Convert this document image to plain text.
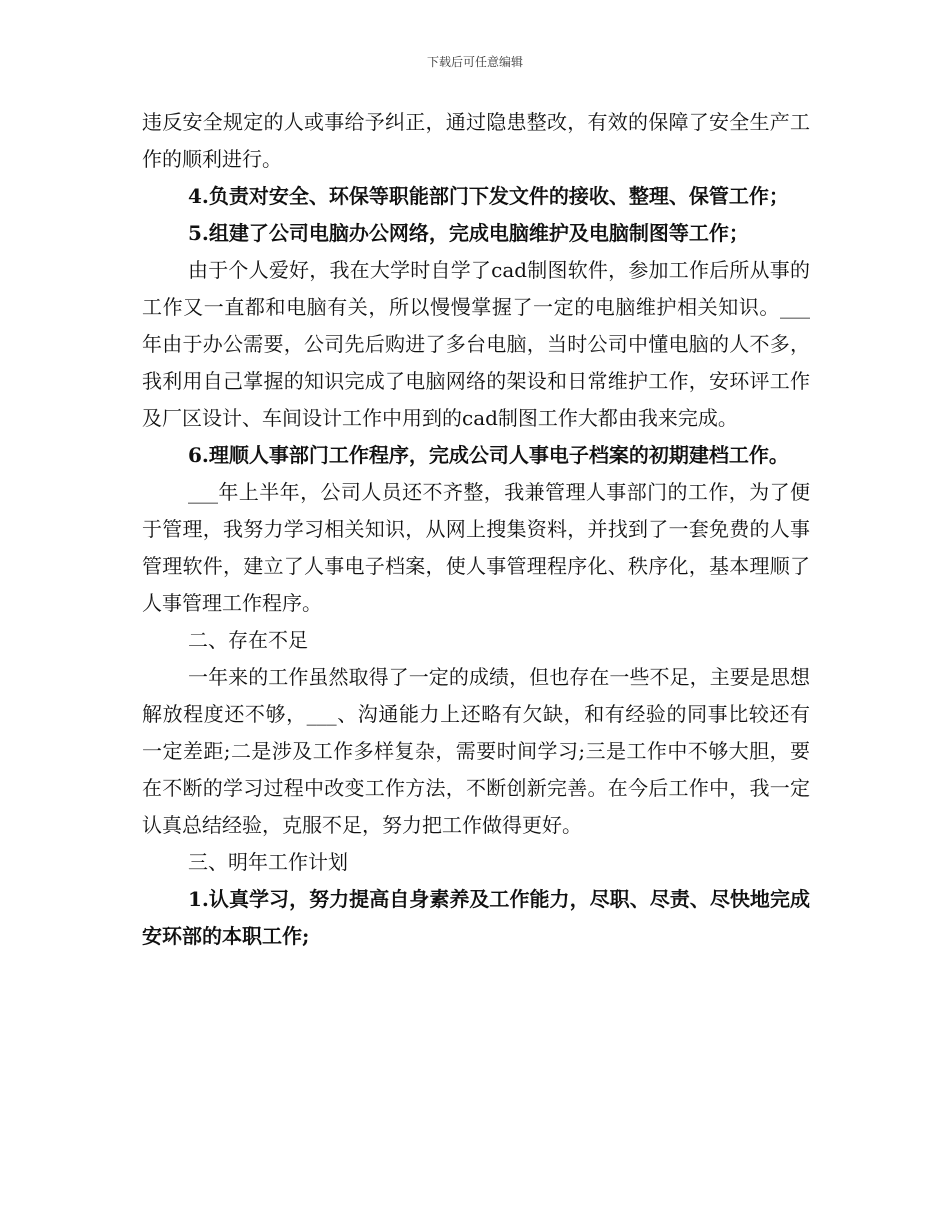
下载后可任意编辑

违反安全规定的人或事给予纠正，通过隐患整改，有效的保障了安全生产工作的顺利进行。

4.负责对安全、环保等职能部门下发文件的接收、整理、保管工作；

5.组建了公司电脑办公网络，完成电脑维护及电脑制图等工作；

由于个人爱好，我在大学时自学了cad制图软件，参加工作后所从事的工作又一直都和电脑有关，所以慢慢掌握了一定的电脑维护相关知识。___年由于办公需要，公司先后购进了多台电脑，当时公司中懂电脑的人不多，我利用自己掌握的知识完成了电脑网络的架设和日常维护工作，安环评工作及厂区设计、车间设计工作中用到的cad制图工作大都由我来完成。

6.理顺人事部门工作程序，完成公司人事电子档案的初期建档工作。

___年上半年，公司人员还不齐整，我兼管理人事部门的工作，为了便于管理，我努力学习相关知识，从网上搜集资料，并找到了一套免费的人事管理软件，建立了人事电子档案，使人事管理程序化、秩序化，基本理顺了人事管理工作程序。

二、存在不足

一年来的工作虽然取得了一定的成绩，但也存在一些不足，主要是思想解放程度还不够，___、沟通能力上还略有欠缺，和有经验的同事比较还有一定差距;二是涉及工作多样复杂，需要时间学习;三是工作中不够大胆，要在不断的学习过程中改变工作方法，不断创新完善。在今后工作中，我一定认真总结经验，克服不足，努力把工作做得更好。

三、明年工作计划

1.认真学习，努力提高自身素养及工作能力，尽职、尽责、尽快地完成安环部的本职工作;
